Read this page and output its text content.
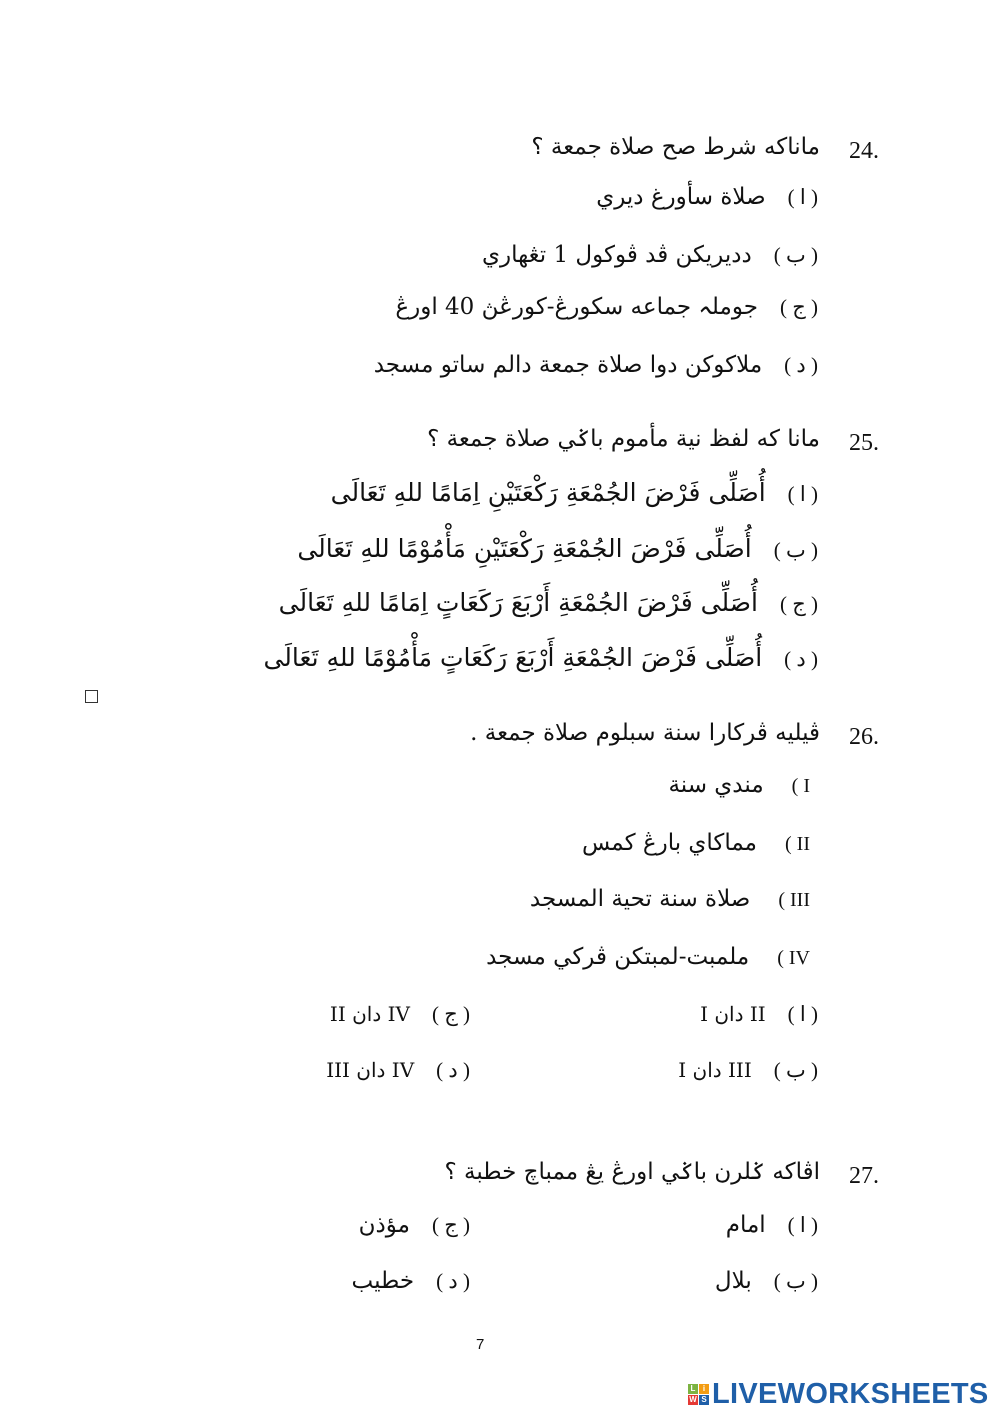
24.
ماناكه شرط صح صلاة جمعة ؟
( ا )
صلاة سأورغ ديري
( ب )
دديريكن ڤد ڤوكول 1 تڠهاري
( ج )
جوملہ جماعه سکورڠ-کورڠڽ 40 اورڠ
( د )
ملاكوكن دوا صلاة جمعة دالم ساتو مسجد
25.
مانا كه لفظ نية مأموم باݢي صلاة جمعة ؟
( ا )
أُصَلِّى فَرْضَ الجُمْعَةِ رَكْعَتَيْنِ اِمَامًا للهِ تَعَالَى
( ب )
أُصَلِّى فَرْضَ الجُمْعَةِ رَكْعَتَيْنِ مَأْمُوْمًا للهِ تَعَالَى
( ج )
أُصَلِّى فَرْضَ الجُمْعَةِ أَرْبَعَ رَكَعَاتٍ اِمَامًا للهِ تَعَالَى
( د )
أُصَلِّى فَرْضَ الجُمْعَةِ أَرْبَعَ رَكَعَاتٍ مَأْمُوْمًا للهِ تَعَالَى
26.
ڤيليه ڤركارا سنة سبلوم صلاة جمعة .
I )
مندي سنة
II )
مماكاي بارڠ كمس
III )
صلاة سنة تحية المسجد
IV )
ملمبت-لمبتكن ڤركي مسجد
( ا )
I دان II
( ب )
I دان III
( ج )
II دان IV
( د )
III دان IV
27.
اڤاكه ݢلرن باݢي اورڠ يڠ ممباچ خطبة ؟
( ا )
امام
( ب )
بلال
( ج )
مؤذن
( د )
خطيب
7
L i
W S LIVEWORKSHEETS
